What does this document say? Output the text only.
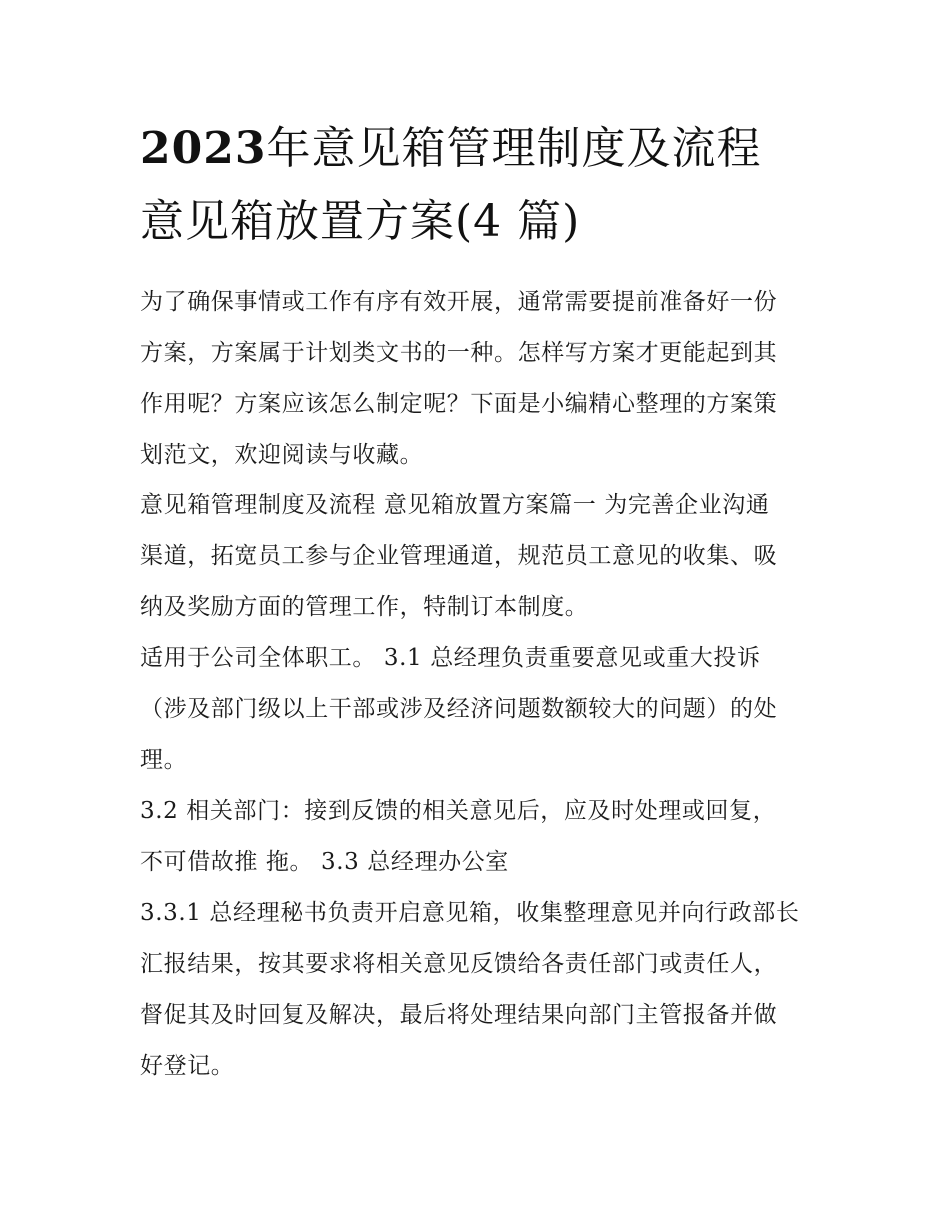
2023年意见箱管理制度及流程
意见箱放置方案(4 篇)
为了确保事情或工作有序有效开展，通常需要提前准备好一份
方案，方案属于计划类文书的一种。怎样写方案才更能起到其
作用呢？方案应该怎么制定呢？下面是小编精心整理的方案策
划范文，欢迎阅读与收藏。
意见箱管理制度及流程 意见箱放置方案篇一 为完善企业沟通
渠道，拓宽员工参与企业管理通道，规范员工意见的收集、吸
纳及奖励方面的管理工作，特制订本制度。
适用于公司全体职工。 3.1 总经理负责重要意见或重大投诉
（涉及部门级以上干部或涉及经济问题数额较大的问题）的处
理。
3.2 相关部门：接到反馈的相关意见后，应及时处理或回复，
不可借故推 拖。 3.3 总经理办公室
3.3.1 总经理秘书负责开启意见箱，收集整理意见并向行政部长
汇报结果，按其要求将相关意见反馈给各责任部门或责任人，
督促其及时回复及解决，最后将处理结果向部门主管报备并做
好登记。
